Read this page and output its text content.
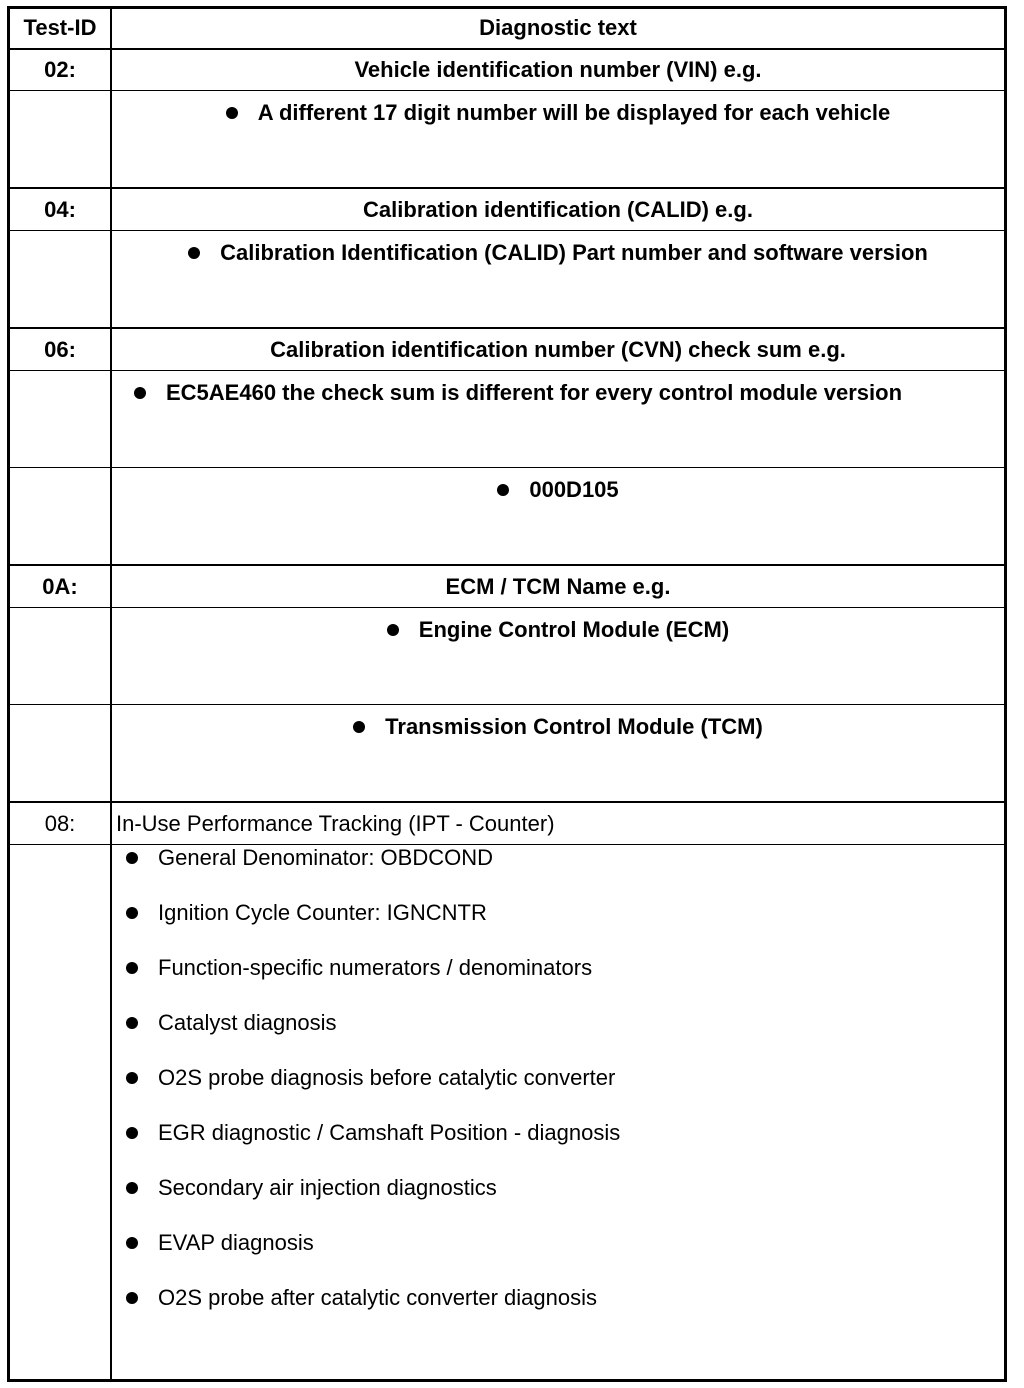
Test-ID	Diagnostic text
02:	Vehicle identification number (VIN) e.g.
A different 17 digit number will be displayed for each vehicle
04:	Calibration identification (CALID) e.g.
Calibration Identification (CALID) Part number and software version
06:	Calibration identification number (CVN) check sum e.g.
EC5AE460 the check sum is different for every control module version
000D105
0A:	ECM / TCM Name e.g.
Engine Control Module (ECM)
Transmission Control Module (TCM)
08:	In-Use Performance Tracking (IPT - Counter)
General Denominator: OBDCOND
Ignition Cycle Counter: IGNCNTR
Function-specific numerators / denominators
Catalyst diagnosis
O2S probe diagnosis before catalytic converter
EGR diagnostic / Camshaft Position - diagnosis
Secondary air injection diagnostics
EVAP diagnosis
O2S probe after catalytic converter diagnosis
